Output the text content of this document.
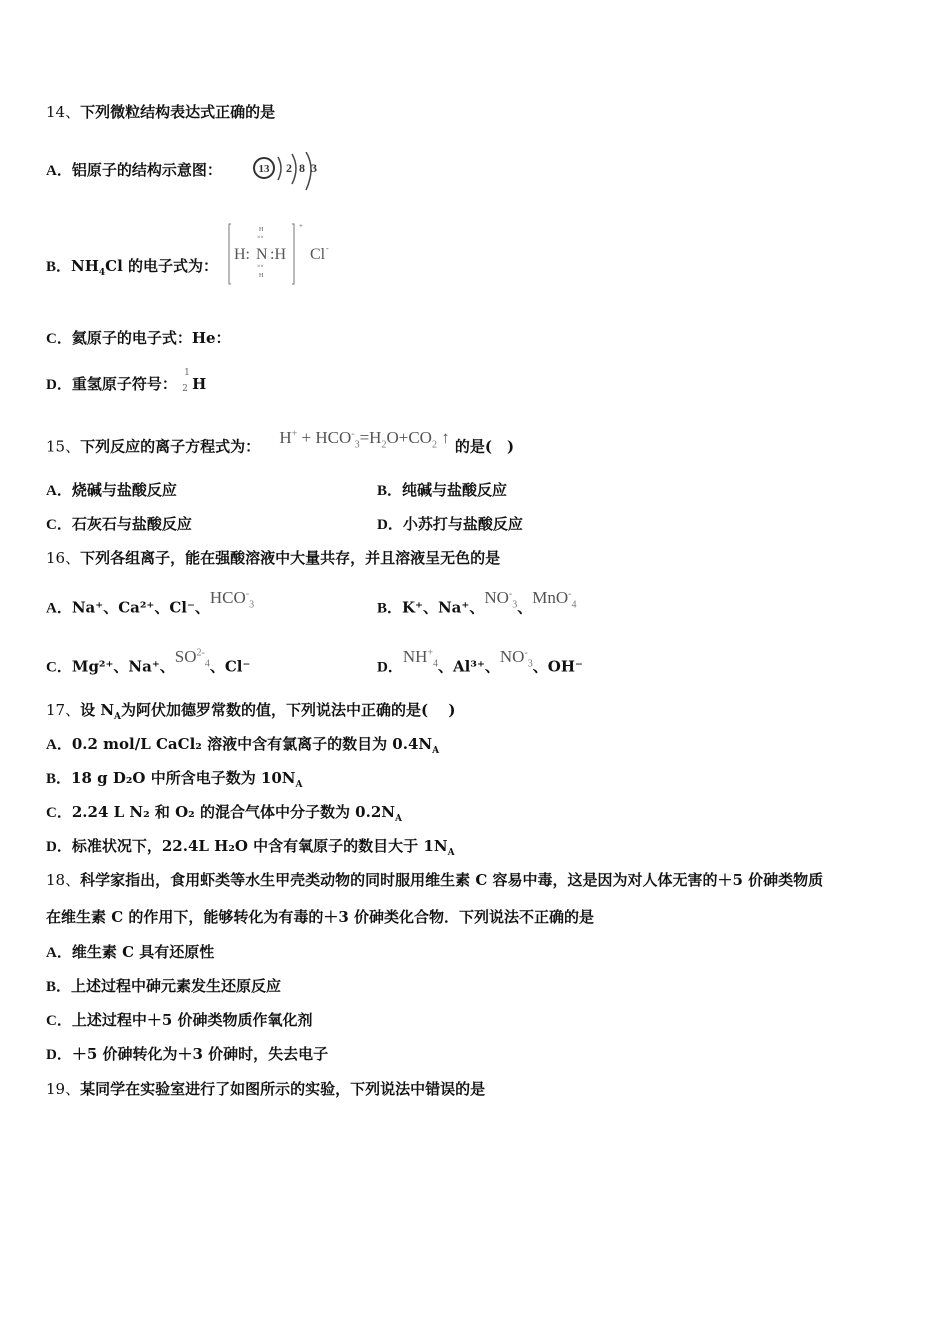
14、下列微粒结构表达式正确的是
A．铝原子的结构示意图：	13 2 8 3
B．$NH_4Cl$ 的电子式为：
H: N :H
H
××
××
H
+
Cl -
C．氦原子的电子式：He：
D．重氢原子符号：
1
2 H
15、下列反应的离子方程式为： $H^+ + HCO^-_3=H_2O+CO_2$ ↑ 的是(　)
A．烧碱与盐酸反应	B．纯碱与盐酸反应
C．石灰石与盐酸反应	D．小苏打与盐酸反应
16、下列各组离子，能在强酸溶液中大量共存，并且溶液呈无色的是
A．Na⁺、Ca²⁺、Cl⁻、$HCO^-_3$	B．K⁺、Na⁺、$NO^-_3$、MnO-$_4$
C．Mg²⁺、Na⁺、$SO^{2-}_4$、Cl⁻	D．$NH^+_4$、Al³⁺、$NO^-_3$、OH⁻
17、设 $N_A$为阿伏加德罗常数的值，下列说法中正确的是(　 )
A．0.2 mol/L CaCl₂ 溶液中含有氯离子的数目为 $0.4N_A$
B．18 g D₂O 中所含电子数为 $10N_A$
C．2.24 L N₂ 和 O₂ 的混合气体中分子数为 $0.2N_A$
D．标准状况下，22.4L H₂O 中含有氧原子的数目大于 $1N_A$
18、科学家指出，食用虾类等水生甲壳类动物的同时服用维生素 C 容易中毒，这是因为对人体无害的＋5 价砷类物质
在维生素 C 的作用下，能够转化为有毒的＋3 价砷类化合物．下列说法不正确的是
A．维生素 C 具有还原性
B．上述过程中砷元素发生还原反应
C．上述过程中＋5 价砷类物质作氧化剂
D．＋5 价砷转化为＋3 价砷时，失去电子
19、某同学在实验室进行了如图所示的实验，下列说法中错误的是
